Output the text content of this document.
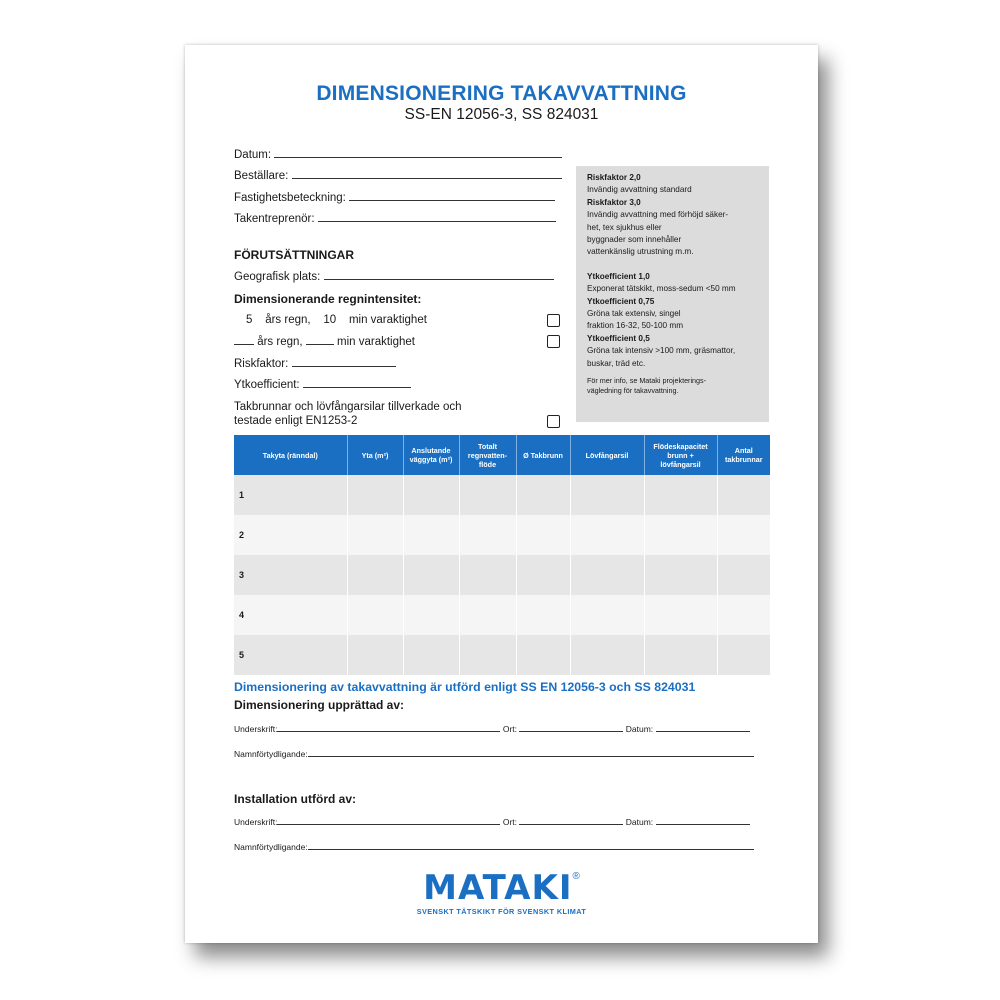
DIMENSIONERING TAKAVVATTNING
SS-EN 12056-3, SS 824031
Datum:
Beställare:
Fastighetsbeteckning:
Takentreprenör:
FÖRUTSÄTTNINGAR
Geografisk plats:
Dimensionerande regnintensitet:
5 års regn, 10 min varaktighet
års regn,	min varaktighet
Riskfaktor:
Ytkoefficient:
Takbrunnar och lövfångarsilar tillverkade och
testade enligt EN1253-2
Riskfaktor 2,0
Invändig avvattning standard
Riskfaktor 3,0
Invändig avvattning med förhöjd säker-
het, tex sjukhus eller
byggnader som innehåller
vattenkänslig utrustning m.m.
Ytkoefficient 1,0
Exponerat tätskikt, moss-sedum <50 mm
Ytkoefficient 0,75
Gröna tak extensiv, singel
fraktion 16-32, 50-100 mm
Ytkoefficient 0,5
Gröna tak intensiv >100 mm, gräsmattor,
buskar, träd etc.
För mer info, se Mataki projekterings-
vägledning för takavvattning.
Takyta (ränndal)	Yta (m²)	Anslutande väggyta (m²)	Totalt regnvatten-flöde	Ø Takbrunn	Lövfångarsil	Flödeskapacitet brunn + lövfångarsil	Antal takbrunnar
1							
2							
3							
4							
5							
Dimensionering av takavvattning är utförd enligt SS EN 12056-3 och SS 824031
Dimensionering upprättad av:
Underskrift:	Ort:	Datum:
Namnförtydligande:
Installation utförd av:
Underskrift:	Ort:	Datum:
Namnförtydligande:
MATAKI®
SVENSKT TÄTSKIKT FÖR SVENSKT KLIMAT
